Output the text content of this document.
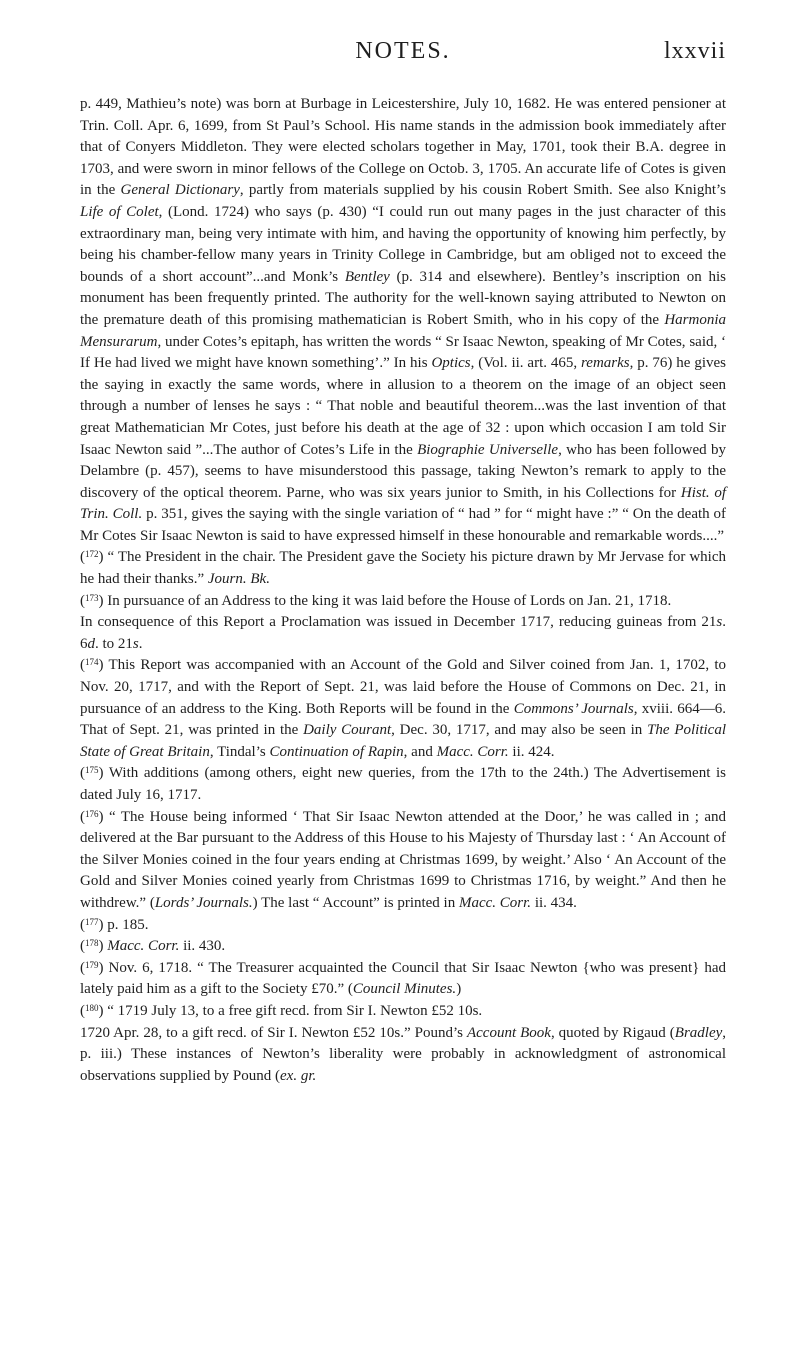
NOTES.	lxxvii

p. 449, Mathieu’s note) was born at Burbage in Leicestershire, July 10, 1682. He was entered pensioner at Trin. Coll. Apr. 6, 1699, from St Paul’s School. His name stands in the admission book immediately after that of Conyers Middleton. They were elected scholars together in May, 1701, took their B.A. degree in 1703, and were sworn in minor fellows of the College on Octob. 3, 1705. An accurate life of Cotes is given in the General Dictionary, partly from materials supplied by his cousin Robert Smith. See also Knight’s Life of Colet, (Lond. 1724) who says (p. 430) “I could run out many pages in the just character of this extraordinary man, being very intimate with him, and having the opportunity of knowing him perfectly, by being his chamber-fellow many years in Trinity College in Cambridge, but am obliged not to exceed the bounds of a short account”...and Monk’s Bentley (p. 314 and elsewhere). Bentley’s inscription on his monument has been frequently printed. The authority for the well-known saying attributed to Newton on the premature death of this promising mathematician is Robert Smith, who in his copy of the Harmonia Mensurarum, under Cotes’s epitaph, has written the words “ Sr Isaac Newton, speaking of Mr Cotes, said, ‘ If He had lived we might have known something’.” In his Optics, (Vol. ii. art. 465, remarks, p. 76) he gives the saying in exactly the same words, where in allusion to a theorem on the image of an object seen through a number of lenses he says : “ That noble and beautiful theorem...was the last invention of that great Mathematician Mr Cotes, just before his death at the age of 32 : upon which occasion I am told Sir Isaac Newton said ”...The author of Cotes’s Life in the Biographie Universelle, who has been followed by Delambre (p. 457), seems to have misunderstood this passage, taking Newton’s remark to apply to the discovery of the optical theorem. Parne, who was six years junior to Smith, in his Collections for Hist. of Trin. Coll. p. 351, gives the saying with the single variation of “ had ” for “ might have :” “ On the death of Mr Cotes Sir Isaac Newton is said to have expressed himself in these honourable and remarkable words....”

($^{172}$) “ The President in the chair. The President gave the Society his picture drawn by Mr Jervase for which he had their thanks.” Journ. Bk.

($^{173}$) In pursuance of an Address to the king it was laid before the House of Lords on Jan. 21, 1718.

In consequence of this Report a Proclamation was issued in December 1717, reducing guineas from 21s. 6d. to 21s.

($^{174}$) This Report was accompanied with an Account of the Gold and Silver coined from Jan. 1, 1702, to Nov. 20, 1717, and with the Report of Sept. 21, was laid before the House of Commons on Dec. 21, in pursuance of an address to the King. Both Reports will be found in the Commons’ Journals, xviii. 664—6. That of Sept. 21, was printed in the Daily Courant, Dec. 30, 1717, and may also be seen in The Political State of Great Britain, Tindal’s Continuation of Rapin, and Macc. Corr. ii. 424.

($^{175}$) With additions (among others, eight new queries, from the 17th to the 24th.) The Advertisement is dated July 16, 1717.

($^{176}$) “ The House being informed ‘ That Sir Isaac Newton attended at the Door,’ he was called in ; and delivered at the Bar pursuant to the Address of this House to his Majesty of Thursday last : ‘ An Account of the Silver Monies coined in the four years ending at Christmas 1699, by weight.’ Also ‘ An Account of the Gold and Silver Monies coined yearly from Christmas 1699 to Christmas 1716, by weight.” And then he withdrew.” (Lords’ Journals.) The last “ Account” is printed in Macc. Corr. ii. 434.

($^{177}$) p. 185.

($^{178}$) Macc. Corr. ii. 430.

($^{179}$) Nov. 6, 1718. “ The Treasurer acquainted the Council that Sir Isaac Newton {who was present} had lately paid him as a gift to the Society £70.” (Council Minutes.)

($^{180}$) “ 1719 July 13, to a free gift recd. from Sir I. Newton £52 10s.

1720 Apr. 28, to a gift recd. of Sir I. Newton £52 10s.” Pound’s Account Book, quoted by Rigaud (Bradley, p. iii.) These instances of Newton’s liberality were probably in acknowledgment of astronomical observations supplied by Pound (ex. gr.
